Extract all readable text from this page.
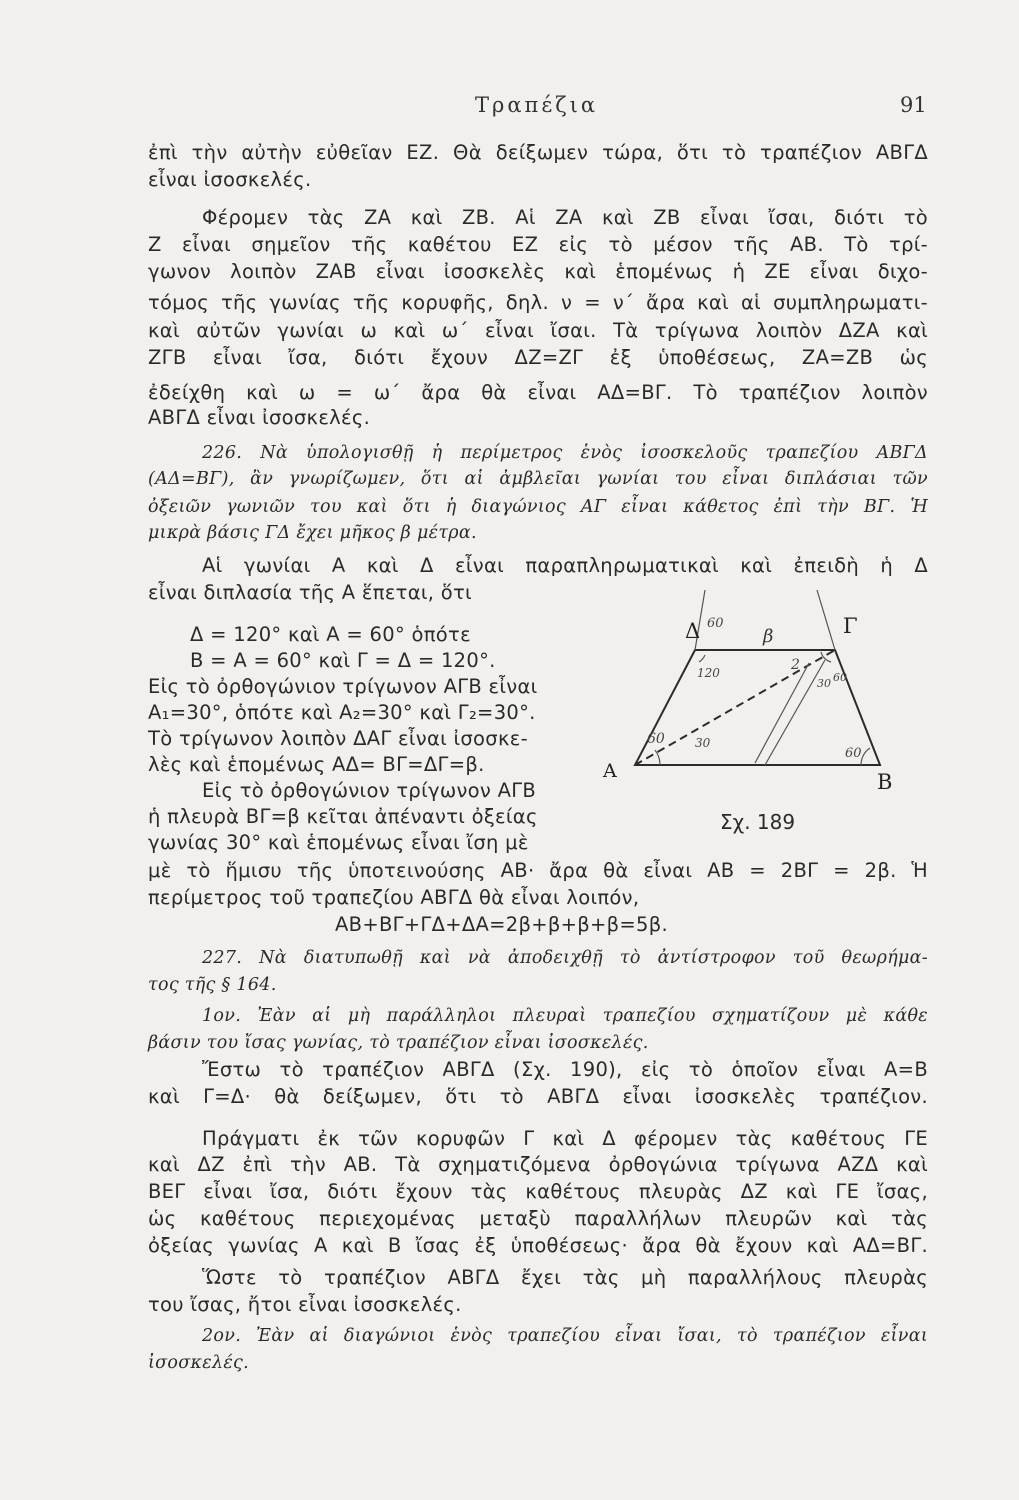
Τραπέζια	91
ἐπὶ τὴν αὐτὴν εὐθεῖαν ΕΖ. Θὰ δείξωμεν τώρα, ὅτι τὸ τραπέζιον ΑΒΓΔ
εἶναι ἰσοσκελές.
Φέρομεν τὰς ΖΑ καὶ ΖΒ. Αἱ ΖΑ καὶ ΖΒ εἶναι ἴσαι, διότι τὸ
Ζ εἶναι σημεῖον τῆς καθέτου ΕΖ εἰς τὸ μέσον τῆς ΑΒ. Τὸ τρί-
γωνον λοιπὸν ΖΑΒ εἶναι ἰσοσκελὲς καὶ ἑπομένως ἡ ΖΕ εἶναι διχο-
τόμος τῆς γωνίας τῆς κορυφῆς, δηλ. ν = ν΄ ἄρα καὶ αἱ συμπληρωματι-
καὶ αὐτῶν γωνίαι ω καὶ ω΄ εἶναι ἴσαι. Τὰ τρίγωνα λοιπὸν ΔΖΑ καὶ
ΖΓΒ εἶναι ἴσα, διότι ἔχουν ΔΖ=ΖΓ ἐξ ὑποθέσεως, ΖΑ=ΖΒ ὡς
ἐδείχθη καὶ ω = ω΄ ἄρα θὰ εἶναι ΑΔ=ΒΓ. Τὸ τραπέζιον λοιπὸν
ΑΒΓΔ εἶναι ἰσοσκελές.
226. Νὰ ὑπολογισθῇ ἡ περίμετρος ἑνὸς ἰσοσκελοῦς τραπεζίου ΑΒΓΔ
(ΑΔ=ΒΓ), ἂν γνωρίζωμεν, ὅτι αἱ ἀμβλεῖαι γωνίαι του εἶναι διπλάσιαι τῶν
ὀξειῶν γωνιῶν του καὶ ὅτι ἡ διαγώνιος ΑΓ εἶναι κάθετος ἐπὶ τὴν ΒΓ. Ἡ
μικρὰ βάσις ΓΔ ἔχει μῆκος β μέτρα.
Αἱ γωνίαι Α καὶ Δ εἶναι παραπληρωματικαὶ καὶ ἐπειδὴ ἡ Δ
εἶναι διπλασία τῆς Α ἕπεται, ὅτι
Δ = 120° καὶ Α = 60° ὁπότε
Β = Α = 60° καὶ Γ = Δ = 120°.
Εἰς τὸ ὀρθογώνιον τρίγωνον ΑΓΒ εἶναι
Α₁=30°, ὁπότε καὶ Α₂=30° καὶ Γ₂=30°.
Τὸ τρίγωνον λοιπὸν ΔΑΓ εἶναι ἰσοσκε-
λὲς καὶ ἑπομένως ΑΔ= ΒΓ=ΔΓ=β.
Εἰς τὸ ὀρθογώνιον τρίγωνον ΑΓΒ
ἡ πλευρὰ ΒΓ=β κεῖται ἀπέναντι ὀξείας
γωνίας 30° καὶ ἑπομένως εἶναι ἴση μὲ
μὲ τὸ ἥμισυ τῆς ὑποτεινούσης ΑΒ· ἄρα θὰ εἶναι ΑΒ = 2ΒΓ = 2β. Ἡ
περίμετρος τοῦ τραπεζίου ΑΒΓΔ θὰ εἶναι λοιπόν,
ΑΒ+ΒΓ+ΓΔ+ΔΑ=2β+β+β+β=5β.
227. Νὰ διατυπωθῇ καὶ νὰ ἀποδειχθῇ τὸ ἀντίστροφον τοῦ θεωρήμα-
τος τῆς § 164.
1ον. Ἐὰν αἱ μὴ παράλληλοι πλευραὶ τραπεζίου σχηματίζουν μὲ κάθε
βάσιν του ἴσας γωνίας, τὸ τραπέζιον εἶναι ἰσοσκελές.
Ἔστω τὸ τραπέζιον ΑΒΓΔ (Σχ. 190), εἰς τὸ ὁποῖον εἶναι Α=Β
καὶ Γ=Δ· θὰ δείξωμεν, ὅτι τὸ ΑΒΓΔ εἶναι ἰσοσκελὲς τραπέζιον.
Πράγματι ἐκ τῶν κορυφῶν Γ καὶ Δ φέρομεν τὰς καθέτους ΓΕ
καὶ ΔΖ ἐπὶ τὴν ΑΒ. Τὰ σχηματιζόμενα ὀρθογώνια τρίγωνα ΑΖΔ καὶ
ΒΕΓ εἶναι ἴσα, διότι ἔχουν τὰς καθέτους πλευρὰς ΔΖ καὶ ΓΕ ἴσας,
ὡς καθέτους περιεχομένας μεταξὺ παραλλήλων πλευρῶν καὶ τὰς
ὀξείας γωνίας Α καὶ Β ἴσας ἐξ ὑποθέσεως· ἄρα θὰ ἔχουν καὶ ΑΔ=ΒΓ.
Ὥστε τὸ τραπέζιον ΑΒΓΔ ἔχει τὰς μὴ παραλλήλους πλευρὰς
του ἴσας, ἤτοι εἶναι ἰσοσκελές.
2ον. Ἐὰν αἱ διαγώνιοι ἑνὸς τραπεζίου εἶναι ἴσαι, τὸ τραπέζιον εἶναι
ἰσοσκελές.
Α	Β
Γ
Δ 60
β
120	2
30 60
60	30
60
Σχ. 189
